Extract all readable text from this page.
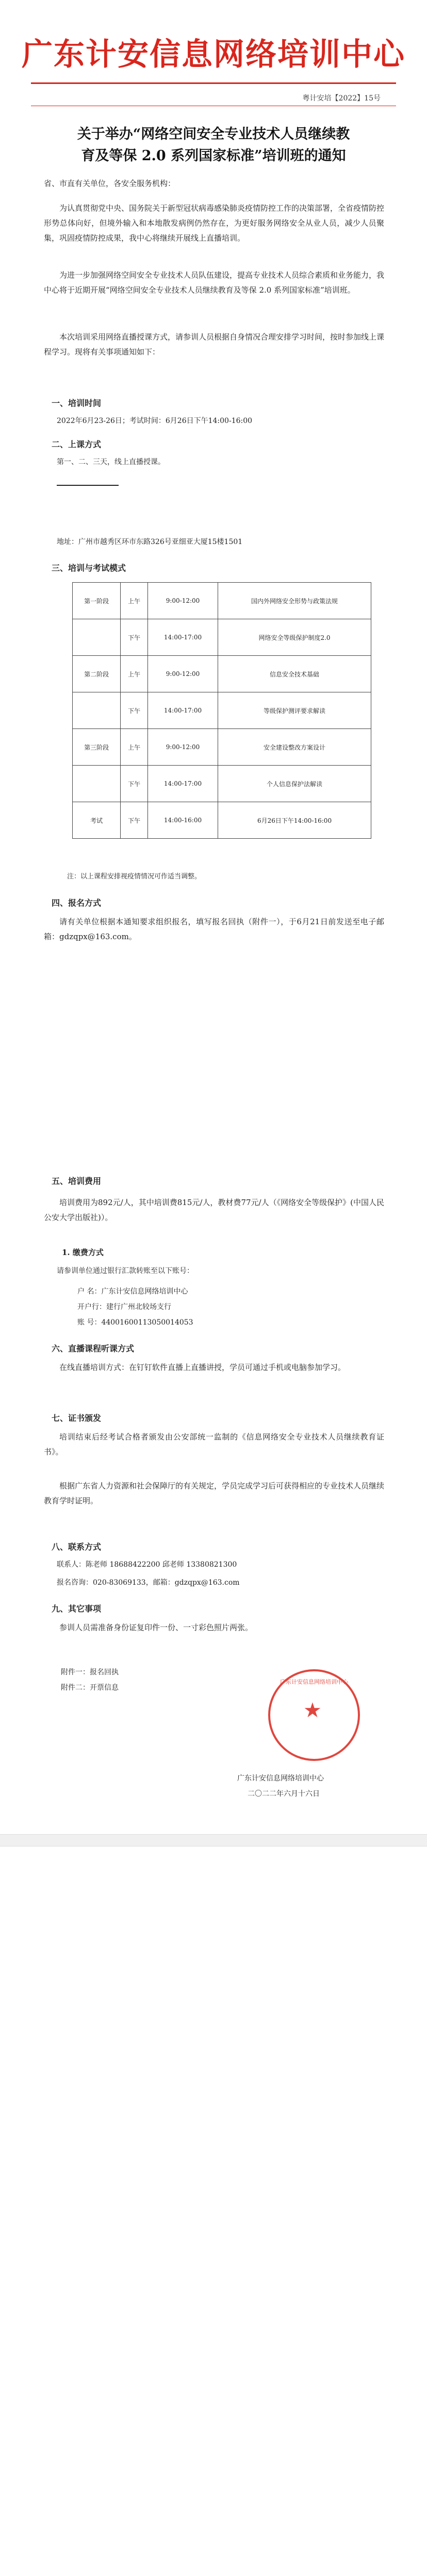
广东计安信息网络培训中心
粤计安培【2022】15号
关于举办“网络空间安全专业技术人员继续教
育及等保 2.0 系列国家标准”培训班的通知
省、市直有关单位，各安全服务机构：
为认真贯彻党中央、国务院关于新型冠状病毒感染肺炎疫情防控工作的决策部署，全省疫情防控形势总体向好，但境外输入和本地散发病例仍然存在，为更好服务网络安全从业人员，减少人员聚集，巩固疫情防控成果，我中心将继续开展线上直播培训。
为进一步加强网络空间安全专业技术人员队伍建设，提高专业技术人员综合素质和业务能力，我中心将于近期开展“网络空间安全专业技术人员继续教育及等保 2.0 系列国家标准”培训班。
本次培训采用网络直播授课方式，请参训人员根据自身情况合理安排学习时间，按时参加线上课程学习。现将有关事项通知如下：
一、培训时间
2022年6月23-26日；考试时间：6月26日下午14:00-16:00
二、上课方式
第一、二、三天，线上直播授课。
地址：广州市越秀区环市东路326号亚细亚大厦15楼1501
三、培训与考试模式
第一阶段	上午	9:00-12:00	国内外网络安全形势与政策法规
	下午	14:00-17:00	网络安全等级保护制度2.0
第二阶段	上午	9:00-12:00	信息安全技术基础
	下午	14:00-17:00	等级保护测评要求解读
第三阶段	上午	9:00-12:00	安全建设整改方案设计
	下午	14:00-17:00	个人信息保护法解读
考试	下午	14:00-16:00	6月26日下午14:00-16:00
注：以上课程安排视疫情情况可作适当调整。
四、报名方式
请有关单位根据本通知要求组织报名，填写报名回执（附件一），于6月21日前发送至电子邮箱：gdzqpx@163.com。
五、培训费用
培训费用为892元/人，其中培训费815元/人，教材费77元/人（《网络安全等级保护》(中国人民公安大学出版社)）。
1. 缴费方式
请参训单位通过银行汇款转账至以下账号：
户 名：广东计安信息网络培训中心
开户行：建行广州北较场支行
账 号：44001600113050014053
六、直播课程听课方式
在线直播培训方式：在钉钉软件直播上直播讲授，学员可通过手机或电脑参加学习。
七、证书颁发
培训结束后经考试合格者颁发由公安部统一监制的《信息网络安全专业技术人员继续教育证书》。
根据广东省人力资源和社会保障厅的有关规定，学员完成学习后可获得相应的专业技术人员继续教育学时证明。
八、联系方式
联系人：陈老师 18688422200 邱老师 13380821300
报名咨询：020-83069133，邮箱：gdzqpx@163.com
九、其它事项
参训人员需准备身份证复印件一份、一寸彩色照片两张。
附件一：报名回执
附件二：开票信息
广东计安信息网络培训中心
★
广东计安信息网络培训中心
二〇二二年六月十六日
